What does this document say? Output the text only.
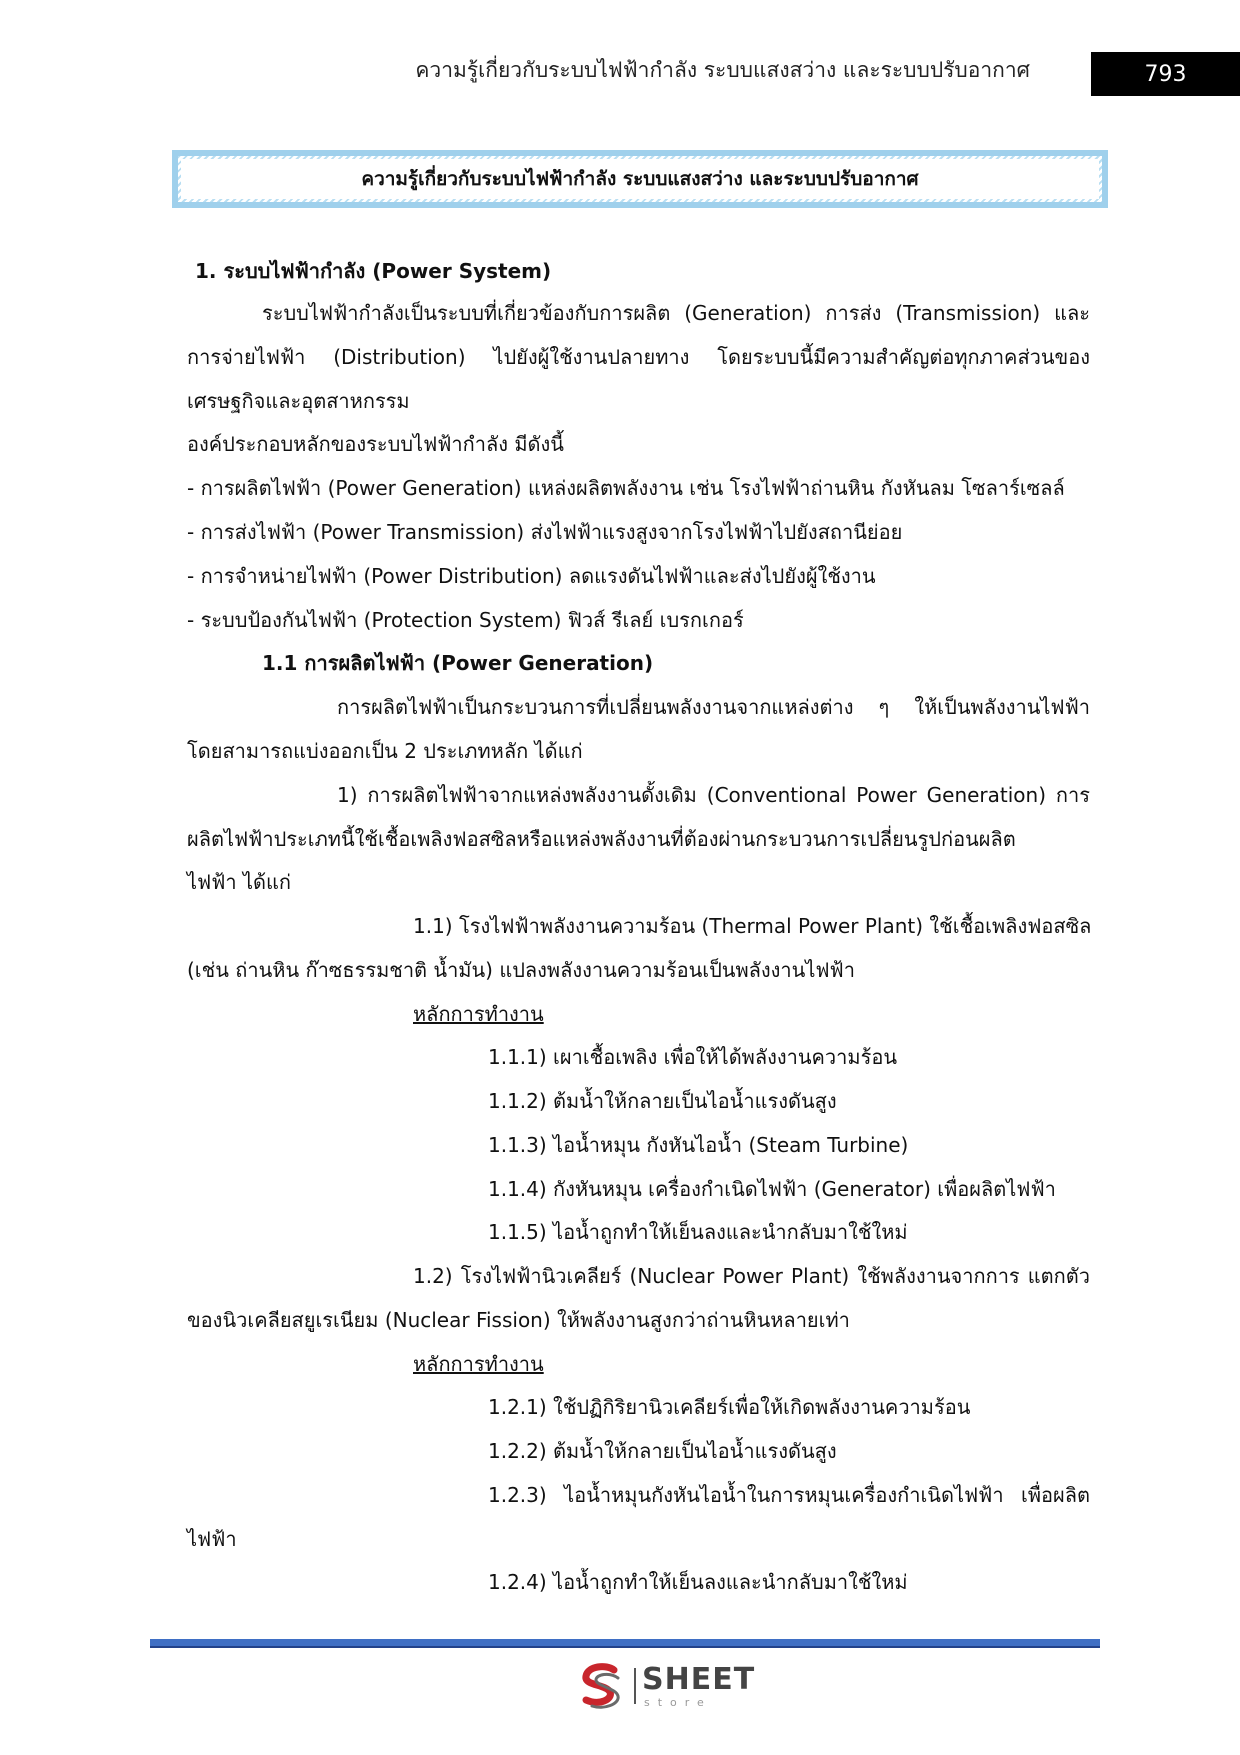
ความรู้เกี่ยวกับระบบไฟฟ้ากำลัง ระบบแสงสว่าง และระบบปรับอากาศ	793
ความรู้เกี่ยวกับระบบไฟฟ้ากำลัง ระบบแสงสว่าง และระบบปรับอากาศ
1. ระบบไฟฟ้ากำลัง (Power System)
ระบบไฟฟ้ากำลังเป็นระบบที่เกี่ยวข้องกับการผลิต (Generation) การส่ง (Transmission) และ
การจ่ายไฟฟ้า (Distribution) ไปยังผู้ใช้งานปลายทาง โดยระบบนี้มีความสำคัญต่อทุกภาคส่วนของ
เศรษฐกิจและอุตสาหกรรม
องค์ประกอบหลักของระบบไฟฟ้ากำลัง มีดังนี้
- การผลิตไฟฟ้า (Power Generation) แหล่งผลิตพลังงาน เช่น โรงไฟฟ้าถ่านหิน กังหันลม โซลาร์เซลล์
- การส่งไฟฟ้า (Power Transmission) ส่งไฟฟ้าแรงสูงจากโรงไฟฟ้าไปยังสถานีย่อย
- การจำหน่ายไฟฟ้า (Power Distribution) ลดแรงดันไฟฟ้าและส่งไปยังผู้ใช้งาน
- ระบบป้องกันไฟฟ้า (Protection System) ฟิวส์ รีเลย์ เบรกเกอร์
1.1 การผลิตไฟฟ้า (Power Generation)
การผลิตไฟฟ้าเป็นกระบวนการที่เปลี่ยนพลังงานจากแหล่งต่าง ๆ ให้เป็นพลังงานไฟฟ้า
โดยสามารถแบ่งออกเป็น 2 ประเภทหลัก ได้แก่
1) การผลิตไฟฟ้าจากแหล่งพลังงานดั้งเดิม (Conventional Power Generation) การ
ผลิตไฟฟ้าประเภทนี้ใช้เชื้อเพลิงฟอสซิลหรือแหล่งพลังงานที่ต้องผ่านกระบวนการเปลี่ยนรูปก่อนผลิต
ไฟฟ้า ได้แก่
1.1) โรงไฟฟ้าพลังงานความร้อน (Thermal Power Plant) ใช้เชื้อเพลิงฟอสซิล
(เช่น ถ่านหิน ก๊าซธรรมชาติ น้ำมัน) แปลงพลังงานความร้อนเป็นพลังงานไฟฟ้า
หลักการทำงาน
1.1.1) เผาเชื้อเพลิง เพื่อให้ได้พลังงานความร้อน
1.1.2) ต้มน้ำให้กลายเป็นไอน้ำแรงดันสูง
1.1.3) ไอน้ำหมุน กังหันไอน้ำ (Steam Turbine)
1.1.4) กังหันหมุน เครื่องกำเนิดไฟฟ้า (Generator) เพื่อผลิตไฟฟ้า
1.1.5) ไอน้ำถูกทำให้เย็นลงและนำกลับมาใช้ใหม่
1.2) โรงไฟฟ้านิวเคลียร์ (Nuclear Power Plant) ใช้พลังงานจากการ แตกตัว
ของนิวเคลียสยูเรเนียม (Nuclear Fission) ให้พลังงานสูงกว่าถ่านหินหลายเท่า
หลักการทำงาน
1.2.1) ใช้ปฏิกิริยานิวเคลียร์เพื่อให้เกิดพลังงานความร้อน
1.2.2) ต้มน้ำให้กลายเป็นไอน้ำแรงดันสูง
1.2.3) ไอน้ำหมุนกังหันไอน้ำในการหมุนเครื่องกำเนิดไฟฟ้า เพื่อผลิต
ไฟฟ้า
1.2.4) ไอน้ำถูกทำให้เย็นลงและนำกลับมาใช้ใหม่
SHEET
store
